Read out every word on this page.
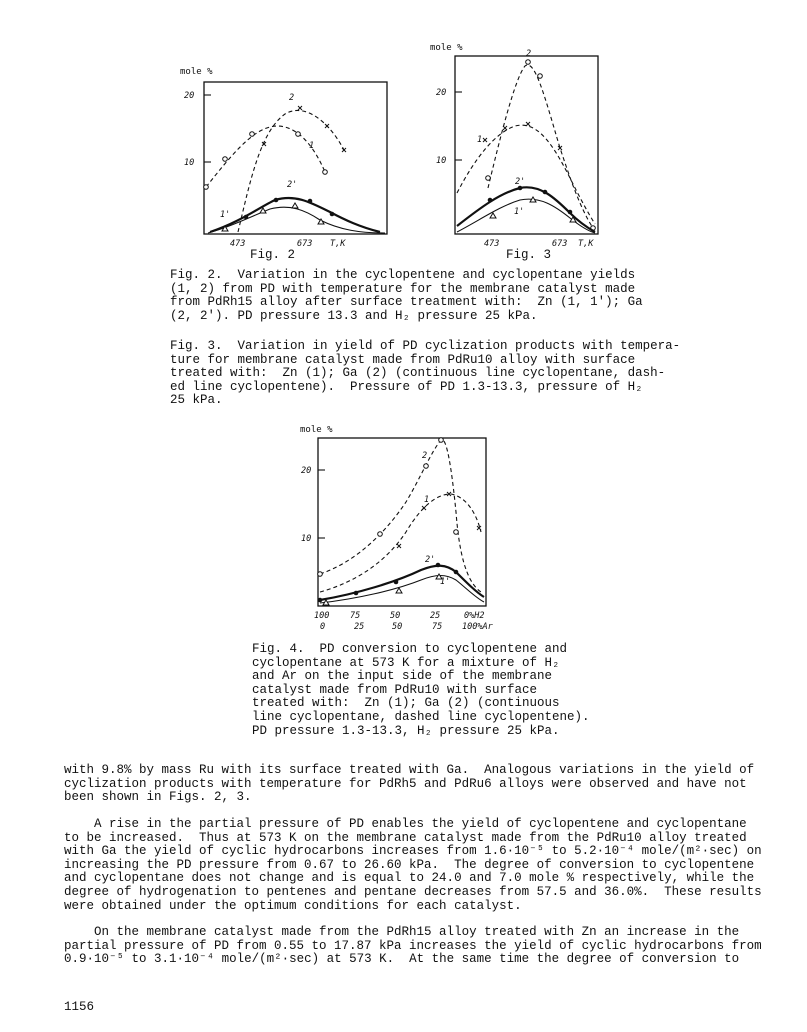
mole %
20
10
473	673 T,K
2
1
2'
1'
Fig. 2
mole %
20
10
473	673 T,K
2
1
2'
1'
Fig. 3
Fig. 2.  Variation in the cyclopentene and cyclopentane yields
(1, 2) from PD with temperature for the membrane catalyst made
from PdRh15 alloy after surface treatment with:  Zn (1, 1'); Ga
(2, 2'). PD pressure 13.3 and H₂ pressure 25 kPa.
Fig. 3.  Variation in yield of PD cyclization products with tempera-
ture for membrane catalyst made from PdRu10 alloy with surface
treated with:  Zn (1); Ga (2) (continuous line cyclopentane, dash-
ed line cyclopentene).  Pressure of PD 1.3-13.3, pressure of H₂
25 kPa.
mole %
20
10
100 75	50	25	0%H2
0	25	50	75 100%Ar
2
1
2'
1'
Fig. 4.  PD conversion to cyclopentene and
cyclopentane at 573 K for a mixture of H₂
and Ar on the input side of the membrane
catalyst made from PdRu10 with surface
treated with:  Zn (1); Ga (2) (continuous
line cyclopentane, dashed line cyclopentene).
PD pressure 1.3-13.3, H₂ pressure 25 kPa.
with 9.8% by mass Ru with its surface treated with Ga.  Analogous variations in the yield of
cyclization products with temperature for PdRh5 and PdRu6 alloys were observed and have not
been shown in Figs. 2, 3.
A rise in the partial pressure of PD enables the yield of cyclopentene and cyclopentane
to be increased.  Thus at 573 K on the membrane catalyst made from the PdRu10 alloy treated
with Ga the yield of cyclic hydrocarbons increases from 1.6·10⁻⁵ to 5.2·10⁻⁴ mole/(m²·sec) on
increasing the PD pressure from 0.67 to 26.60 kPa.  The degree of conversion to cyclopentene
and cyclopentane does not change and is equal to 24.0 and 7.0 mole % respectively, while the
degree of hydrogenation to pentenes and pentane decreases from 57.5 and 36.0%.  These results
were obtained under the optimum conditions for each catalyst.
On the membrane catalyst made from the PdRh15 alloy treated with Zn an increase in the
partial pressure of PD from 0.55 to 17.87 kPa increases the yield of cyclic hydrocarbons from
0.9·10⁻⁵ to 3.1·10⁻⁴ mole/(m²·sec) at 573 K.  At the same time the degree of conversion to
1156
